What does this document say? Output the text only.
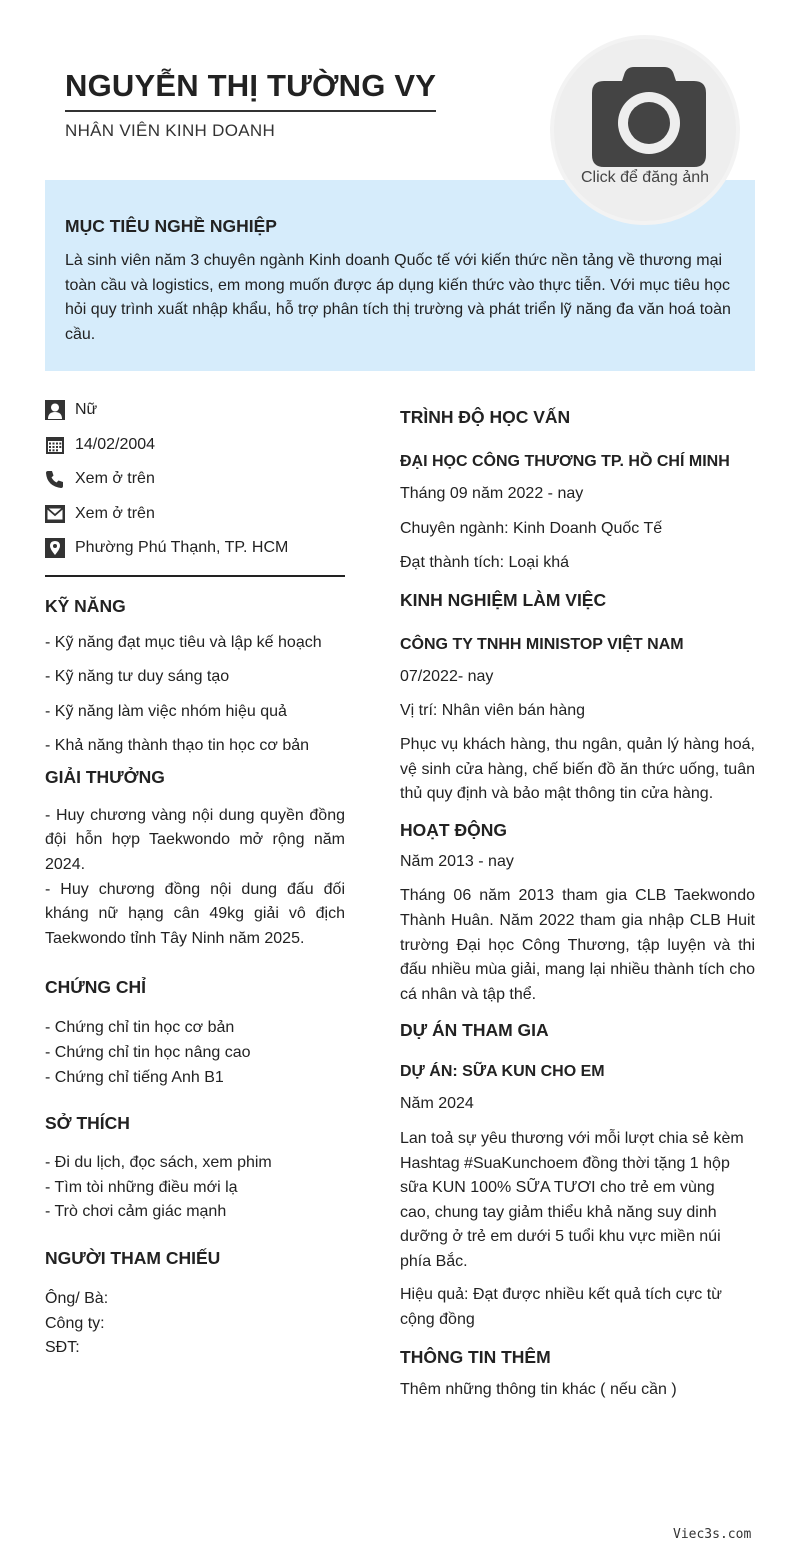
NGUYỄN THỊ TƯỜNG VY
NHÂN VIÊN KINH DOANH
MỤC TIÊU NGHỀ NGHIỆP

Là sinh viên năm 3 chuyên ngành Kinh doanh Quốc tế với kiến thức nền tảng về thương mại toàn cầu và logistics, em mong muốn được áp dụng kiến thức vào thực tiễn. Với mục tiêu học hỏi quy trình xuất nhập khẩu, hỗ trợ phân tích thị trường và phát triển lỹ năng đa văn hoá toàn cầu.

Click để đăng ảnh
Nữ
14/02/2004
Xem ở trên
Xem ở trên
Phường Phú Thạnh, TP. HCM
KỸ NĂNG
- Kỹ năng đạt mục tiêu và lập kế hoạch
- Kỹ năng tư duy sáng tạo
- Kỹ năng làm việc nhóm hiệu quả
- Khả năng thành thạo tin học cơ bản
GIẢI THƯỞNG
- Huy chương vàng nội dung quyền đồng đội hỗn hợp Taekwondo mở rộng năm 2024.
- Huy chương đồng nội dung đấu đối kháng nữ hạng cân 49kg giải vô địch Taekwondo tỉnh Tây Ninh năm 2025.
CHỨNG CHỈ
- Chứng chỉ tin học cơ bản
- Chứng chỉ tin học nâng cao
- Chứng chỉ tiếng Anh B1
SỞ THÍCH
- Đi du lịch, đọc sách, xem phim
- Tìm tòi những điều mới lạ
- Trò chơi cảm giác mạnh
NGƯỜI THAM CHIẾU
Ông/ Bà:
Công ty:
SĐT:
TRÌNH ĐỘ HỌC VẤN
ĐẠI HỌC CÔNG THƯƠNG TP. HỒ CHÍ MINH
Tháng 09 năm 2022 - nay
Chuyên ngành: Kinh Doanh Quốc Tế
Đạt thành tích: Loại khá
KINH NGHIỆM LÀM VIỆC
CÔNG TY TNHH MINISTOP VIỆT NAM
07/2022- nay
Vị trí: Nhân viên bán hàng
Phục vụ khách hàng, thu ngân, quản lý hàng hoá, vệ sinh cửa hàng, chế biến đồ ăn thức uống, tuân thủ quy định và bảo mật thông tin cửa hàng.
HOẠT ĐỘNG
Năm 2013 - nay
Tháng 06 năm 2013 tham gia CLB Taekwondo Thành Huân. Năm 2022 tham gia nhập CLB Huit trường Đại học Công Thương, tập luyện và thi đấu nhiều mùa giải, mang lại nhiều thành tích cho cá nhân và tập thể.
DỰ ÁN THAM GIA
DỰ ÁN: SỮA KUN CHO EM
Năm 2024
Lan toả sự yêu thương với mỗi lượt chia sẻ kèm Hashtag #SuaKunchoem đồng thời tặng 1 hộp sữa KUN 100% SỮA TƯƠI cho trẻ em vùng cao, chung tay giảm thiểu khả năng suy dinh dưỡng ở trẻ em dưới 5 tuổi khu vực miền núi phía Bắc.
Hiệu quả: Đạt được nhiều kết quả tích cực từ cộng đồng
THÔNG TIN THÊM
Thêm những thông tin khác ( nếu cần )
Viec3s.com
